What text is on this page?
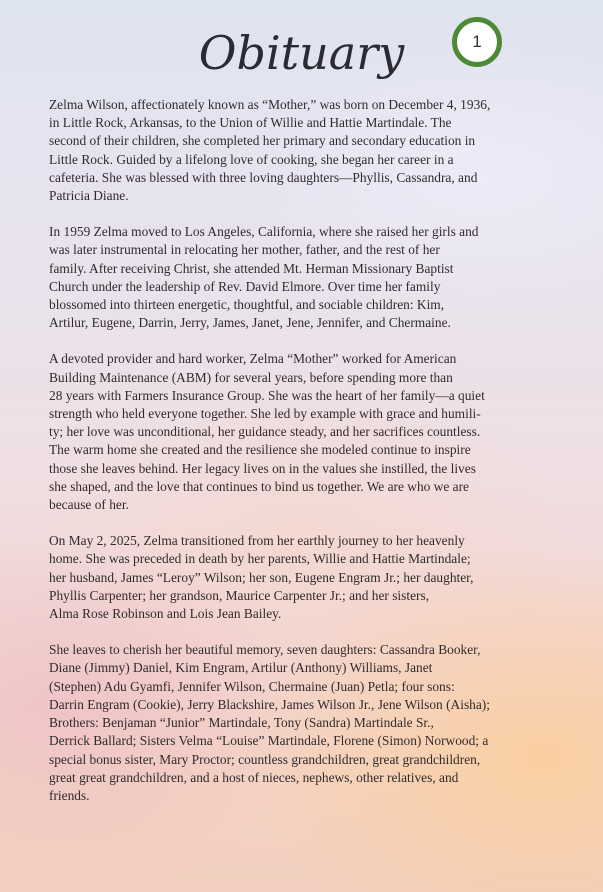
1
Obituary

Zelma Wilson, affectionately known as “Mother,” was born on December 4, 1936,
in Little Rock, Arkansas, to the Union of Willie and Hattie Martindale. The
second of their children, she completed her primary and secondary education in
Little Rock. Guided by a lifelong love of cooking, she began her career in a
cafeteria. She was blessed with three loving daughters—Phyllis, Cassandra, and
Patricia Diane.

In 1959 Zelma moved to Los Angeles, California, where she raised her girls and
was later instrumental in relocating her mother, father, and the rest of her
family. After receiving Christ, she attended Mt. Herman Missionary Baptist
Church under the leadership of Rev. David Elmore. Over time her family
blossomed into thirteen energetic, thoughtful, and sociable children: Kim,
Artilur, Eugene, Darrin, Jerry, James, Janet, Jene, Jennifer, and Chermaine.

A devoted provider and hard worker, Zelma “Mother” worked for American
Building Maintenance (ABM) for several years, before spending more than
28 years with Farmers Insurance Group. She was the heart of her family—a quiet
strength who held everyone together. She led by example with grace and humili-
ty; her love was unconditional, her guidance steady, and her sacrifices countless.
The warm home she created and the resilience she modeled continue to inspire
those she leaves behind. Her legacy lives on in the values she instilled, the lives
she shaped, and the love that continues to bind us together. We are who we are
because of her.

On May 2, 2025, Zelma transitioned from her earthly journey to her heavenly
home. She was preceded in death by her parents, Willie and Hattie Martindale;
her husband, James “Leroy” Wilson; her son, Eugene Engram Jr.; her daughter,
Phyllis Carpenter; her grandson, Maurice Carpenter Jr.; and her sisters,
Alma Rose Robinson and Lois Jean Bailey.

She leaves to cherish her beautiful memory, seven daughters: Cassandra Booker,
Diane (Jimmy) Daniel, Kim Engram, Artilur (Anthony) Williams, Janet
(Stephen) Adu Gyamfi, Jennifer Wilson, Chermaine (Juan) Petla; four sons:
Darrin Engram (Cookie), Jerry Blackshire, James Wilson Jr., Jene Wilson (Aisha);
Brothers: Benjaman “Junior” Martindale, Tony (Sandra) Martindale Sr.,
Derrick Ballard; Sisters Velma “Louise” Martindale, Florene (Simon) Norwood; a
special bonus sister, Mary Proctor; countless grandchildren, great grandchildren,
great great grandchildren, and a host of nieces, nephews, other relatives, and
friends.
